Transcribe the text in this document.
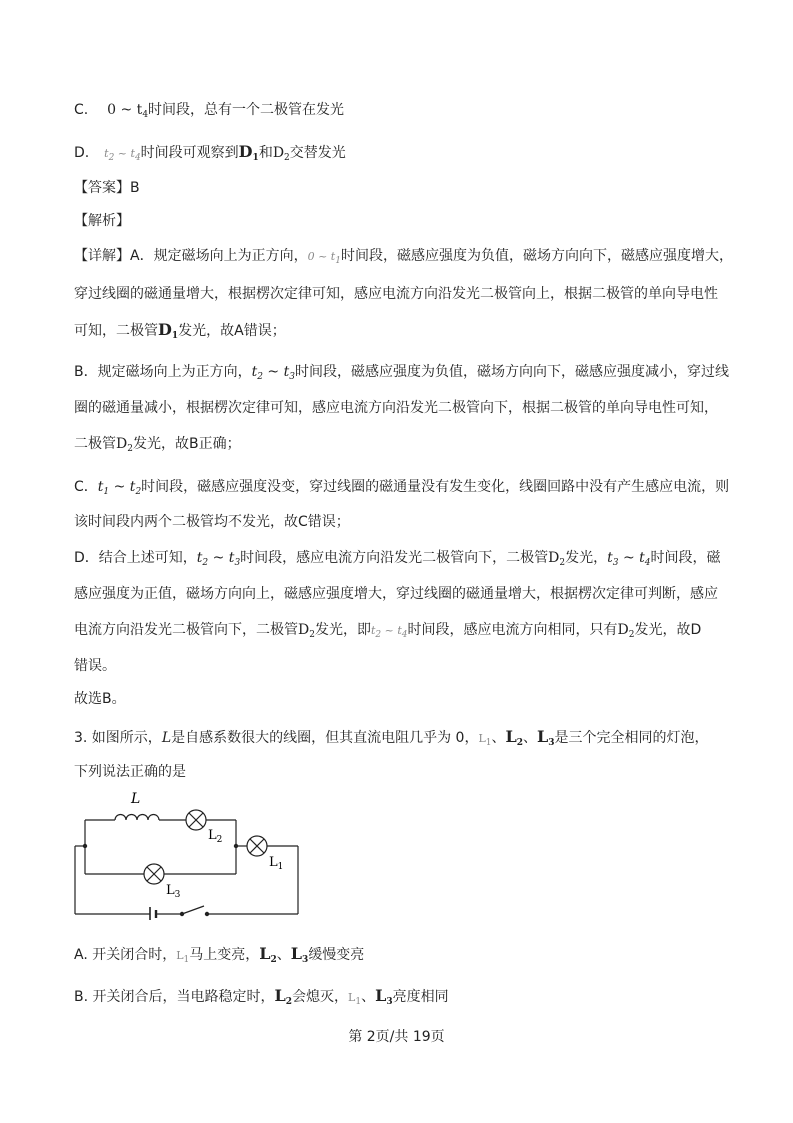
C. 0 ~ $t_4$时间段，总有一个二极管在发光
D. $t_2$ ~ $t_4$时间段可观察到$D_1$和$D_2$交替发光
【答案】B
【解析】
【详解】A．规定磁场向上为正方向，0 ~ $t_1$时间段，磁感应强度为负值，磁场方向向下，磁感应强度增大，
穿过线圈的磁通量增大，根据楞次定律可知，感应电流方向沿发光二极管向上，根据二极管的单向导电性
可知，二极管$D_1$发光，故A错误；
B．规定磁场向上为正方向，$t_2$ ~ $t_3$时间段，磁感应强度为负值，磁场方向向下，磁感应强度减小，穿过线
圈的磁通量减小，根据楞次定律可知，感应电流方向沿发光二极管向下，根据二极管的单向导电性可知，
二极管$D_2$发光，故B正确；
C．$t_1$ ~ $t_2$时间段，磁感应强度没变，穿过线圈的磁通量没有发生变化，线圈回路中没有产生感应电流，则
该时间段内两个二极管均不发光，故C错误；
D．结合上述可知，$t_2$ ~ $t_3$时间段，感应电流方向沿发光二极管向下，二极管$D_2$发光，$t_3$ ~ $t_4$时间段，磁
感应强度为正值，磁场方向向上，磁感应强度增大，穿过线圈的磁通量增大，根据楞次定律可判断，感应
电流方向沿发光二极管向下，二极管$D_2$发光，即$t_2$ ~ $t_4$时间段，感应电流方向相同，只有$D_2$发光，故D
错误。
故选B。
3. 如图所示，L是自感系数很大的线圈，但其直流电阻几乎为 0，$L_1$、$L_2$、$L_3$是三个完全相同的灯泡，
下列说法正确的是
L
$L_2$
$L_1$
$L_3$
A. 开关闭合时，$L_1$马上变亮，$L_2$、$L_3$缓慢变亮
B. 开关闭合后，当电路稳定时，$L_2$会熄灭，$L_1$、$L_3$亮度相同
第 2页/共 19页
